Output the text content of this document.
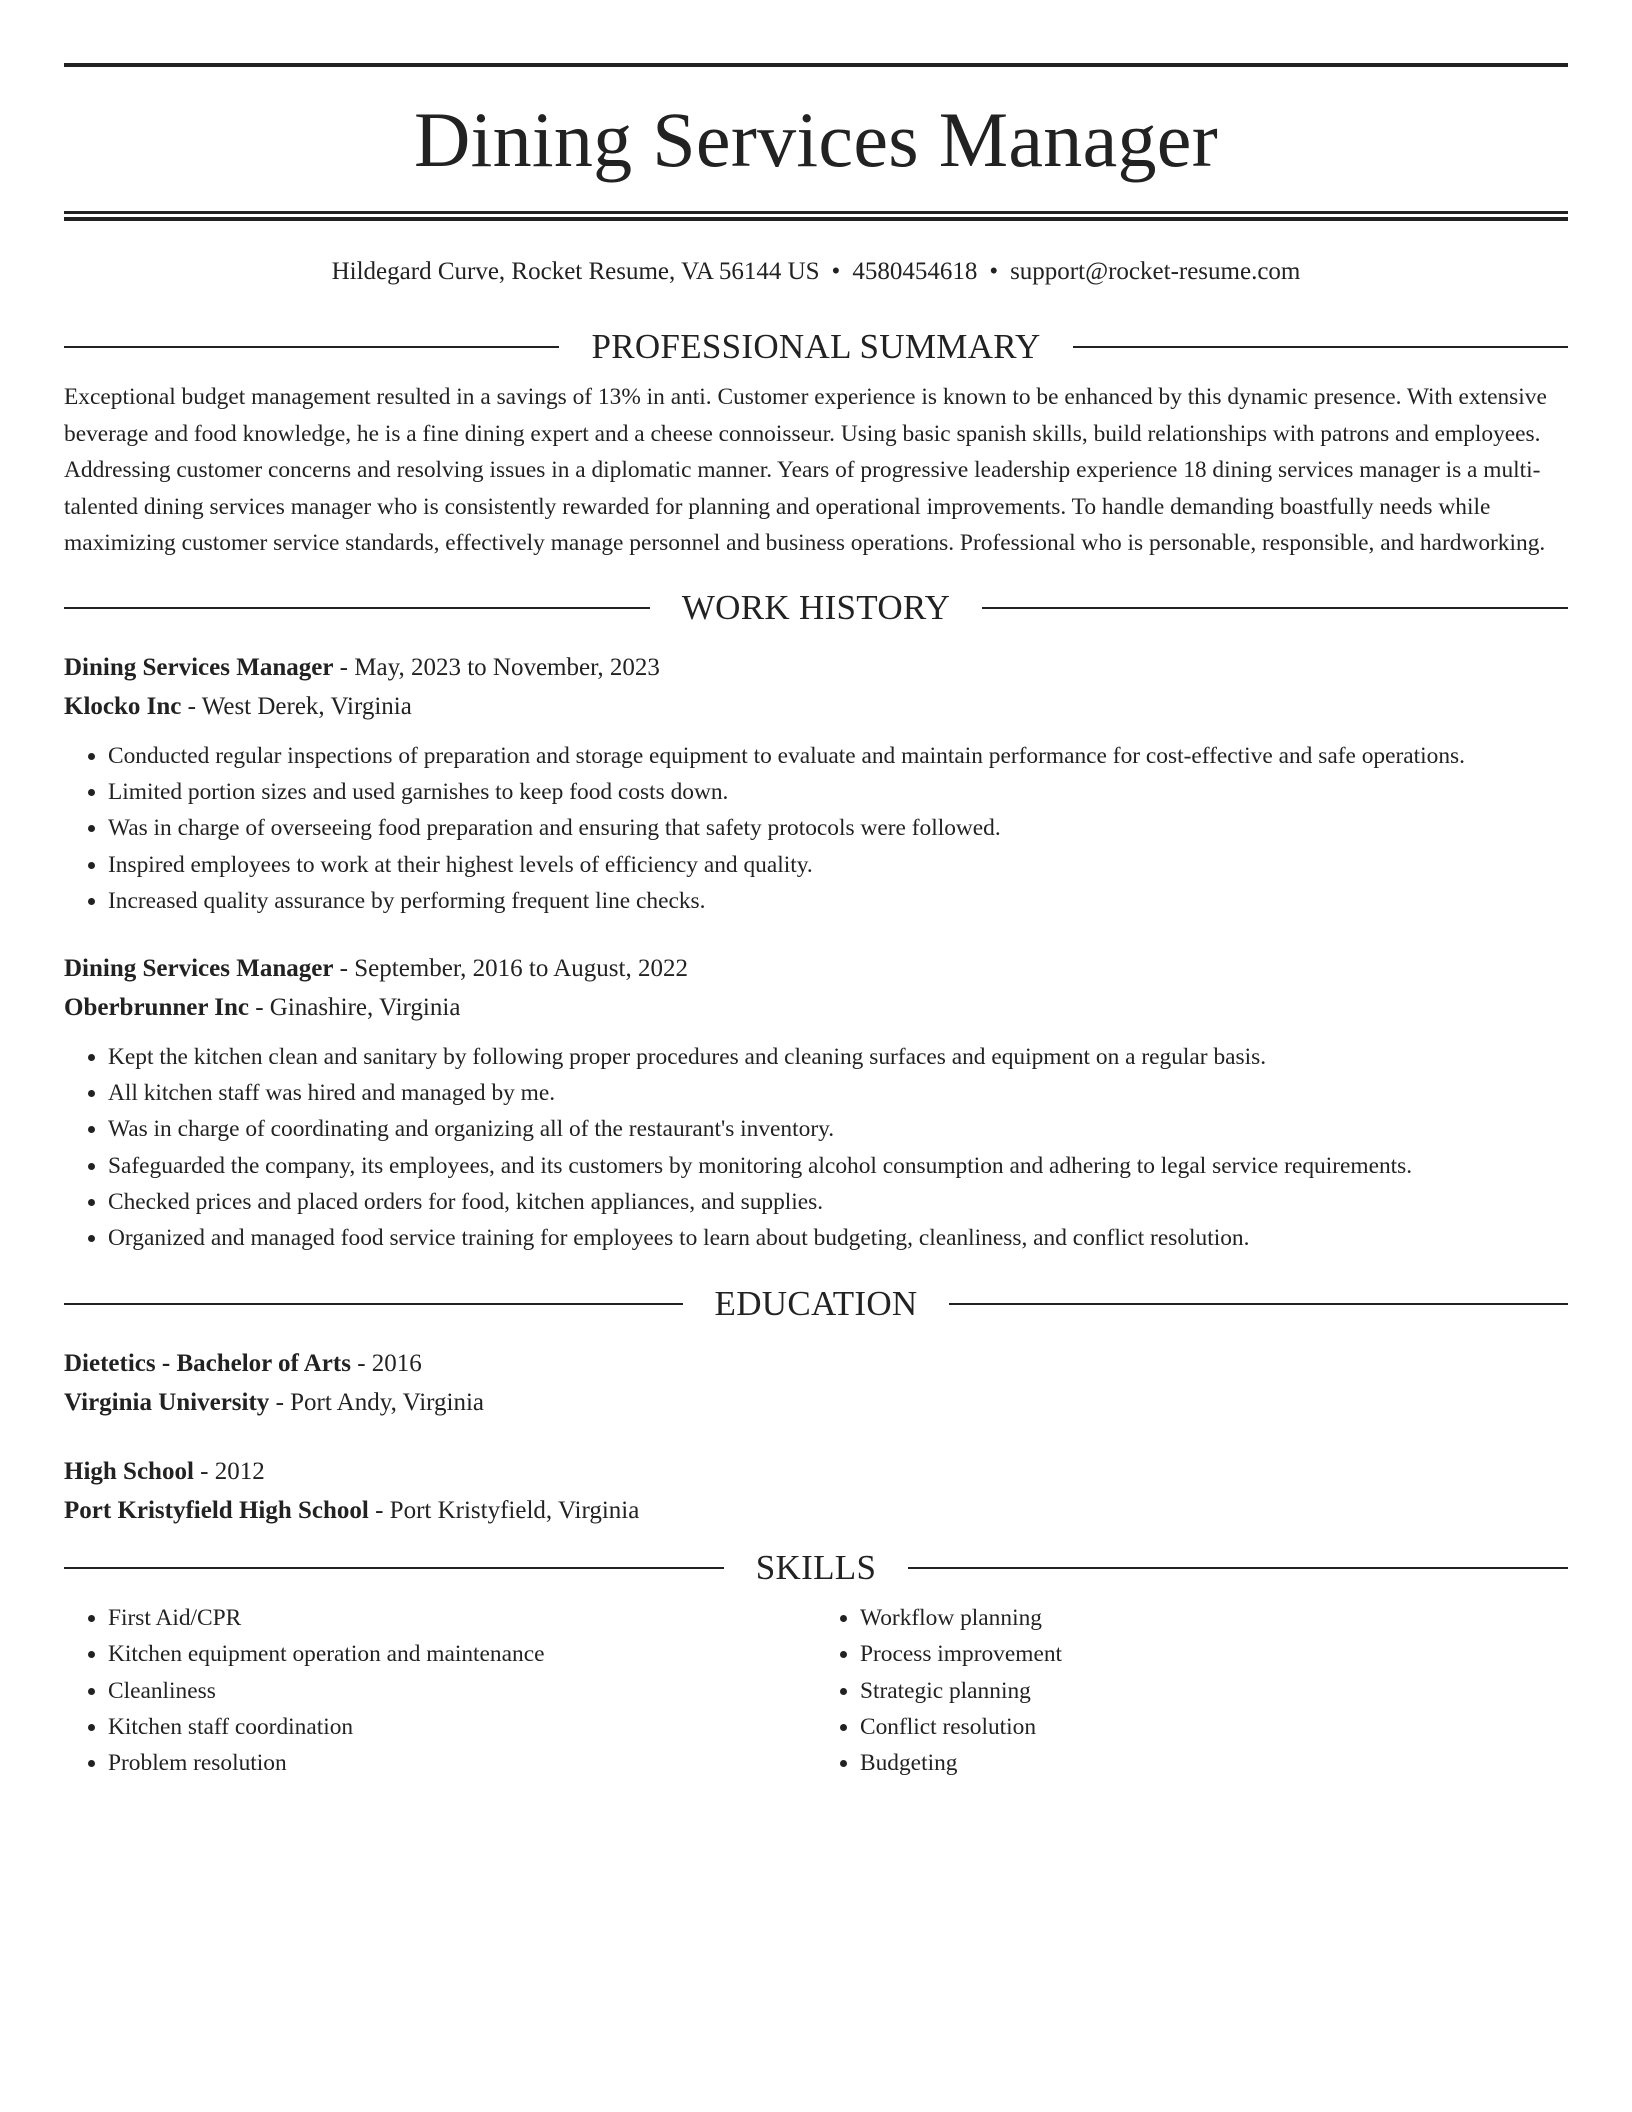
Dining Services Manager
Hildegard Curve, Rocket Resume, VA 56144 US • 4580454618 • support@rocket-resume.com
PROFESSIONAL SUMMARY
Exceptional budget management resulted in a savings of 13% in anti. Customer experience is known to be enhanced by this dynamic presence. With extensive beverage and food knowledge, he is a fine dining expert and a cheese connoisseur. Using basic spanish skills, build relationships with patrons and employees. Addressing customer concerns and resolving issues in a diplomatic manner. Years of progressive leadership experience 18 dining services manager is a multi-talented dining services manager who is consistently rewarded for planning and operational improvements. To handle demanding boastfully needs while maximizing customer service standards, effectively manage personnel and business operations. Professional who is personable, responsible, and hardworking.
WORK HISTORY
Dining Services Manager - May, 2023 to November, 2023
Klocko Inc - West Derek, Virginia
• Conducted regular inspections of preparation and storage equipment to evaluate and maintain performance for cost-effective and safe operations.
• Limited portion sizes and used garnishes to keep food costs down.
• Was in charge of overseeing food preparation and ensuring that safety protocols were followed.
• Inspired employees to work at their highest levels of efficiency and quality.
• Increased quality assurance by performing frequent line checks.
Dining Services Manager - September, 2016 to August, 2022
Oberbrunner Inc - Ginashire, Virginia
• Kept the kitchen clean and sanitary by following proper procedures and cleaning surfaces and equipment on a regular basis.
• All kitchen staff was hired and managed by me.
• Was in charge of coordinating and organizing all of the restaurant's inventory.
• Safeguarded the company, its employees, and its customers by monitoring alcohol consumption and adhering to legal service requirements.
• Checked prices and placed orders for food, kitchen appliances, and supplies.
• Organized and managed food service training for employees to learn about budgeting, cleanliness, and conflict resolution.
EDUCATION
Dietetics - Bachelor of Arts - 2016
Virginia University - Port Andy, Virginia
High School - 2012
Port Kristyfield High School - Port Kristyfield, Virginia
SKILLS
• First Aid/CPR
• Kitchen equipment operation and maintenance
• Cleanliness
• Kitchen staff coordination
• Problem resolution
• Workflow planning
• Process improvement
• Strategic planning
• Conflict resolution
• Budgeting
